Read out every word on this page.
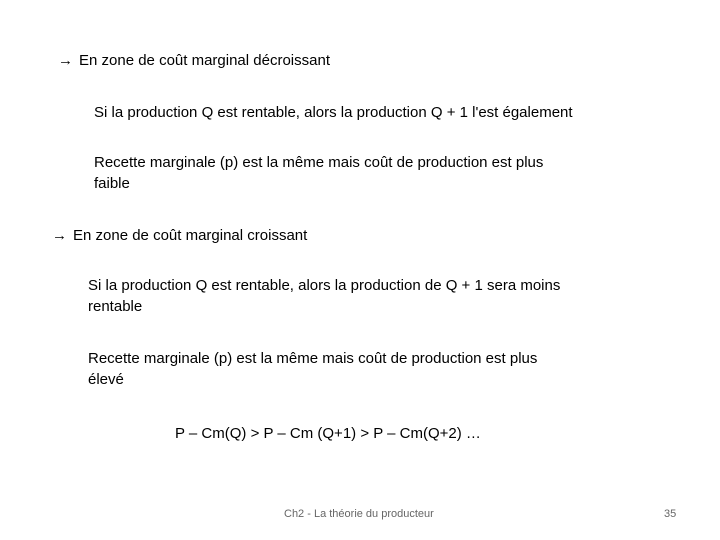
→ En zone de coût marginal décroissant
Si la production Q est rentable, alors la production Q + 1 l'est également
Recette marginale (p) est la même mais coût de production est plus
faible
→ En zone de coût marginal croissant
Si la production Q est rentable, alors la production de Q + 1 sera moins
rentable
Recette marginale (p) est la même mais coût de production est plus
élevé
P – Cm(Q) > P – Cm (Q+1) > P – Cm(Q+2) …
Ch2 - La théorie du producteur	35
